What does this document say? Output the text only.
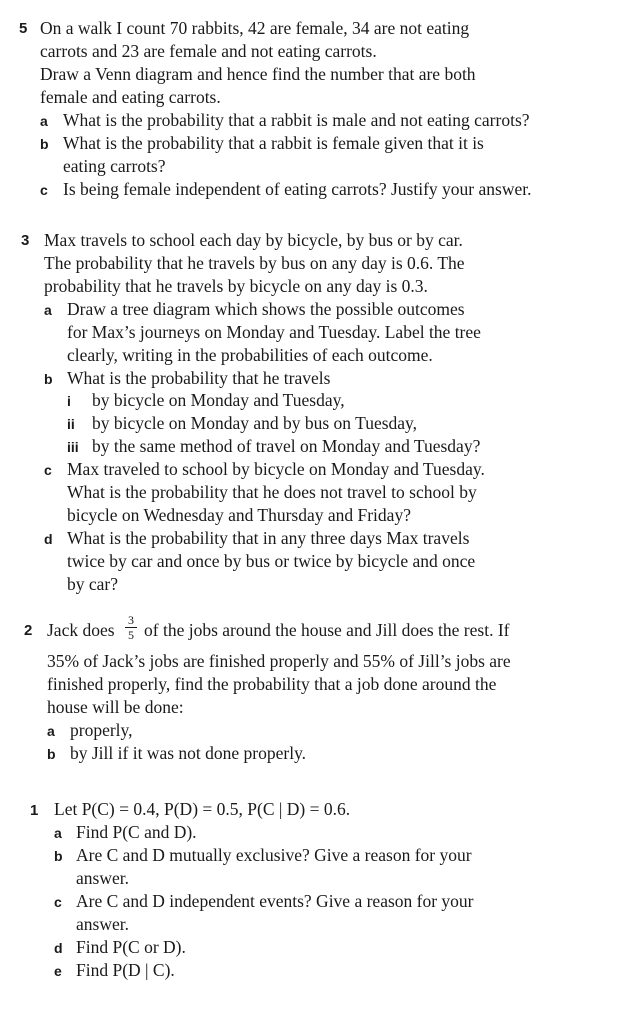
5 On a walk I count 70 rabbits, 42 are female, 34 are not eating
carrots and 23 are female and not eating carrots.
Draw a Venn diagram and hence find the number that are both
female and eating carrots.
a What is the probability that a rabbit is male and not eating carrots?
b What is the probability that a rabbit is female given that it is
eating carrots?
c Is being female independent of eating carrots? Justify your answer.
3 Max travels to school each day by bicycle, by bus or by car.
The probability that he travels by bus on any day is 0.6. The
probability that he travels by bicycle on any day is 0.3.
a Draw a tree diagram which shows the possible outcomes
for Max’s journeys on Monday and Tuesday. Label the tree
clearly, writing in the probabilities of each outcome.
b What is the probability that he travels
i by bicycle on Monday and Tuesday,
ii by bicycle on Monday and by bus on Tuesday,
iii by the same method of travel on Monday and Tuesday?
c Max traveled to school by bicycle on Monday and Tuesday.
What is the probability that he does not travel to school by
bicycle on Wednesday and Thursday and Friday?
d What is the probability that in any three days Max travels
twice by car and once by bus or twice by bicycle and once
by car?
2 Jack does $\frac{3}{5}$ of the jobs around the house and Jill does the rest. If
35% of Jack’s jobs are finished properly and 55% of Jill’s jobs are
finished properly, find the probability that a job done around the
house will be done:
a properly,
b by Jill if it was not done properly.
1 Let P(C) = 0.4, P(D) = 0.5, P(C | D) = 0.6.
a Find P(C and D).
b Are C and D mutually exclusive? Give a reason for your
answer.
c Are C and D independent events? Give a reason for your
answer.
d Find P(C or D).
e Find P(D | C).
